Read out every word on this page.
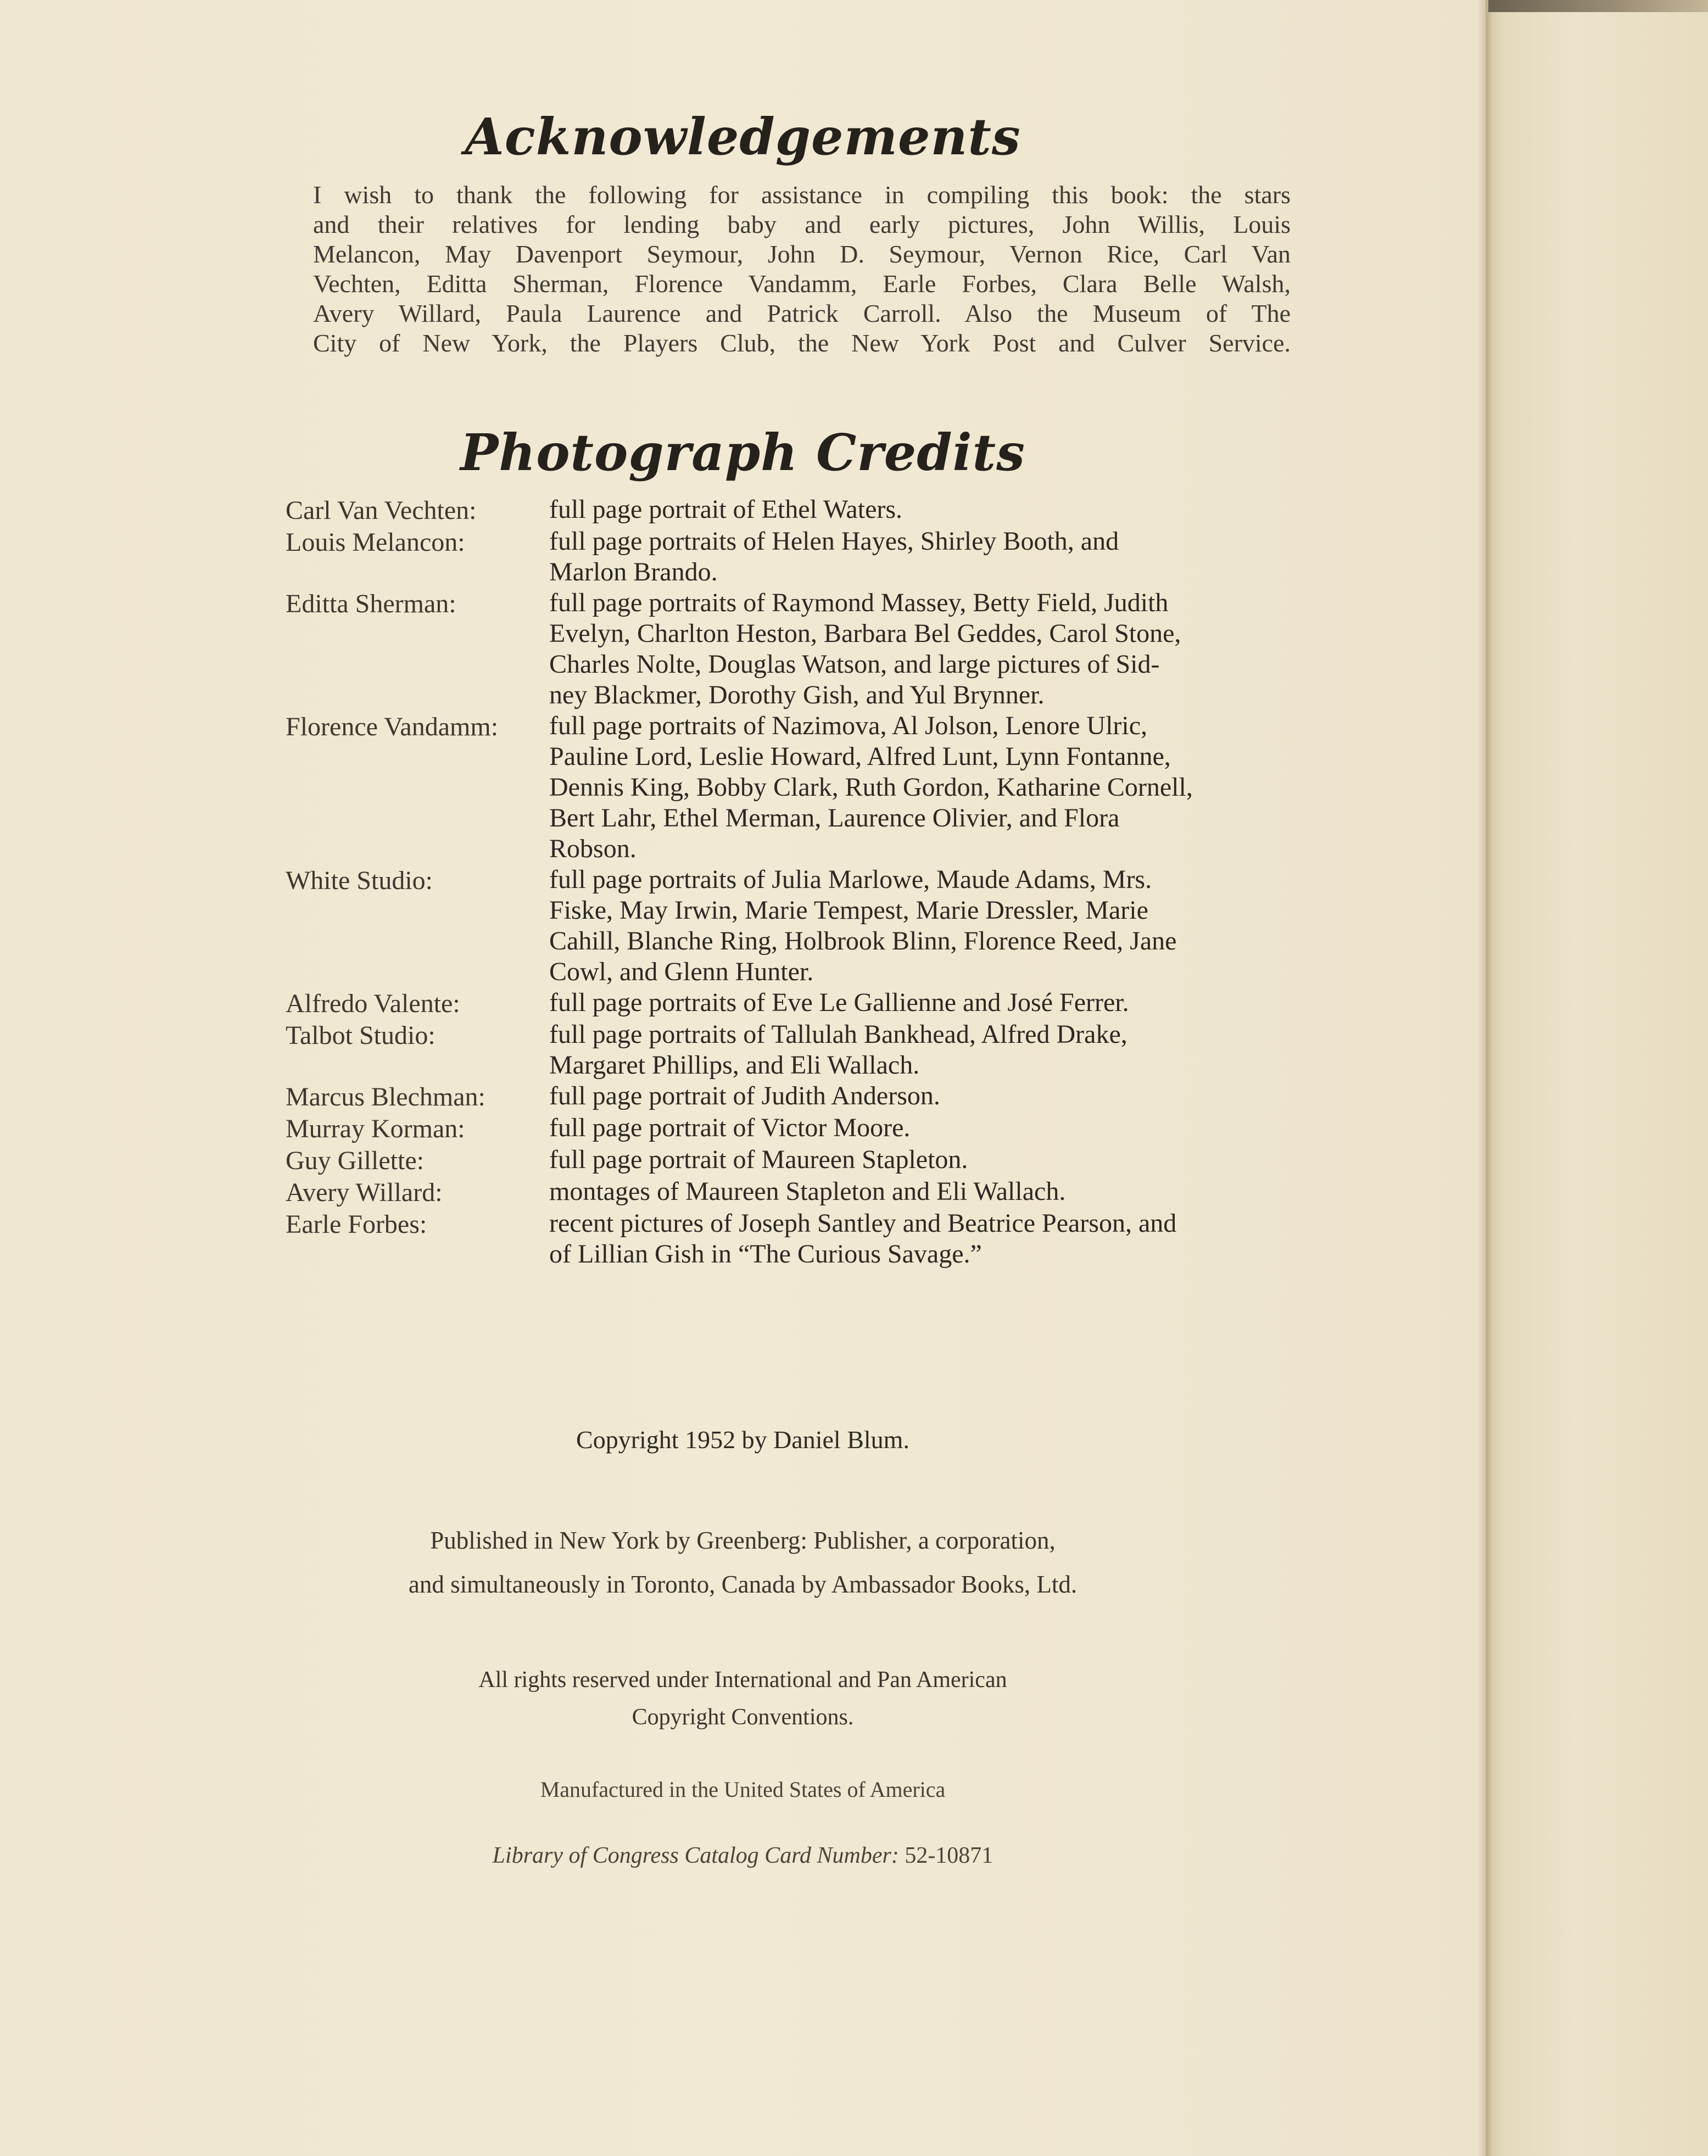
Acknowledgements

I wish to thank the following for assistance in compiling this book: the stars
and their relatives for lending baby and early pictures, John Willis, Louis
Melancon, May Davenport Seymour, John D. Seymour, Vernon Rice, Carl Van
Vechten, Editta Sherman, Florence Vandamm, Earle Forbes, Clara Belle Walsh,
Avery Willard, Paula Laurence and Patrick Carroll. Also the Museum of The
City of New York, the Players Club, the New York Post and Culver Service.

Photograph Credits
Carl Van Vechten:	full page portrait of Ethel Waters.
Louis Melancon:	full page portraits of Helen Hayes, Shirley Booth, and
Marlon Brando.
Editta Sherman:	full page portraits of Raymond Massey, Betty Field, Judith
Evelyn, Charlton Heston, Barbara Bel Geddes, Carol Stone,
Charles Nolte, Douglas Watson, and large pictures of Sid-
ney Blackmer, Dorothy Gish, and Yul Brynner.
Florence Vandamm:	full page portraits of Nazimova, Al Jolson, Lenore Ulric,
Pauline Lord, Leslie Howard, Alfred Lunt, Lynn Fontanne,
Dennis King, Bobby Clark, Ruth Gordon, Katharine Cornell,
Bert Lahr, Ethel Merman, Laurence Olivier, and Flora
Robson.
White Studio:	full page portraits of Julia Marlowe, Maude Adams, Mrs.
Fiske, May Irwin, Marie Tempest, Marie Dressler, Marie
Cahill, Blanche Ring, Holbrook Blinn, Florence Reed, Jane
Cowl, and Glenn Hunter.
Alfredo Valente:	full page portraits of Eve Le Gallienne and José Ferrer.
Talbot Studio:	full page portraits of Tallulah Bankhead, Alfred Drake,
Margaret Phillips, and Eli Wallach.
Marcus Blechman:	full page portrait of Judith Anderson.
Murray Korman:	full page portrait of Victor Moore.
Guy Gillette:	full page portrait of Maureen Stapleton.
Avery Willard:	montages of Maureen Stapleton and Eli Wallach.
Earle Forbes:	recent pictures of Joseph Santley and Beatrice Pearson, and
of Lillian Gish in “The Curious Savage.”

Copyright 1952 by Daniel Blum.

Published in New York by Greenberg: Publisher, a corporation,
and simultaneously in Toronto, Canada by Ambassador Books, Ltd.

All rights reserved under International and Pan American
Copyright Conventions.

Manufactured in the United States of America

Library of Congress Catalog Card Number: 52-10871
